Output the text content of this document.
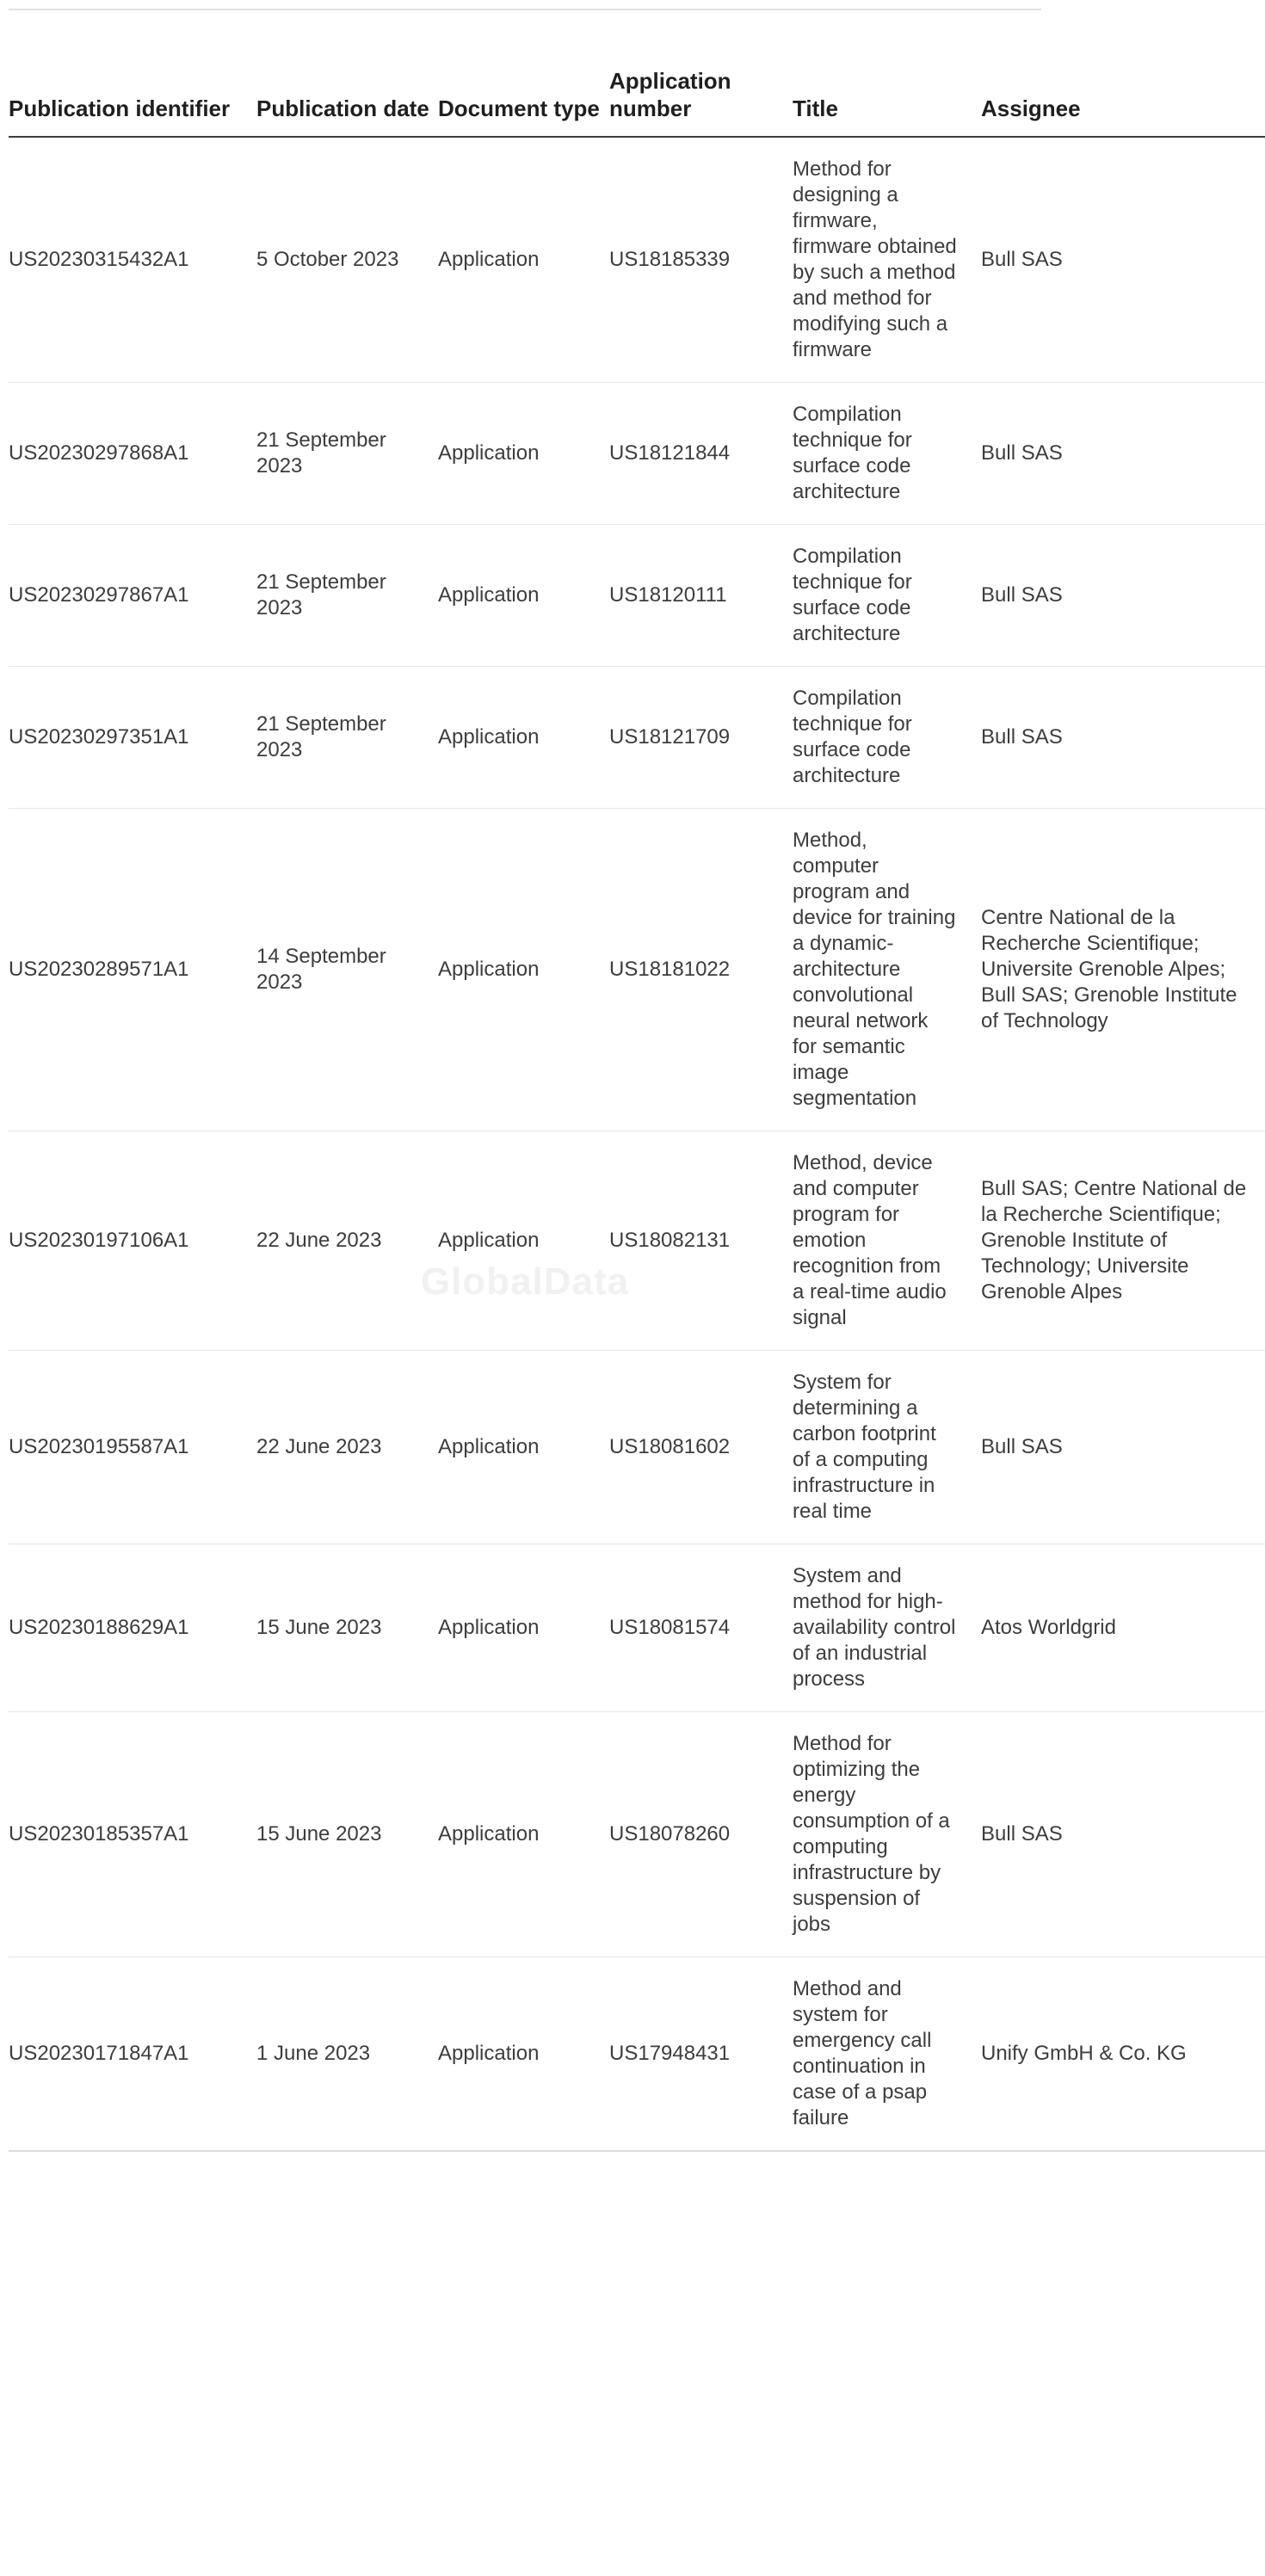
GlobalData
Publication identifier	Publication date	Document type	Application number	Title	Assignee
US20230315432A1	5 October 2023	Application	US18185339	Method for designing a firmware, firmware obtained by such a method and method for modifying such a firmware	Bull SAS
US20230297868A1	21 September 2023	Application	US18121844	Compilation technique for surface code architecture	Bull SAS
US20230297867A1	21 September 2023	Application	US18120111	Compilation technique for surface code architecture	Bull SAS
US20230297351A1	21 September 2023	Application	US18121709	Compilation technique for surface code architecture	Bull SAS
US20230289571A1	14 September 2023	Application	US18181022	Method, computer program and device for training a dynamic-architecture convolutional neural network for semantic image segmentation	Centre National de la Recherche Scientifique; Universite Grenoble Alpes; Bull SAS; Grenoble Institute of Technology
US20230197106A1	22 June 2023	Application	US18082131	Method, device and computer program for emotion recognition from a real-time audio signal	Bull SAS; Centre National de la Recherche Scientifique; Grenoble Institute of Technology; Universite Grenoble Alpes
US20230195587A1	22 June 2023	Application	US18081602	System for determining a carbon footprint of a computing infrastructure in real time	Bull SAS
US20230188629A1	15 June 2023	Application	US18081574	System and method for high-availability control of an industrial process	Atos Worldgrid
US20230185357A1	15 June 2023	Application	US18078260	Method for optimizing the energy consumption of a computing infrastructure by suspension of jobs	Bull SAS
US20230171847A1	1 June 2023	Application	US17948431	Method and system for emergency call continuation in case of a psap failure	Unify GmbH & Co. KG
